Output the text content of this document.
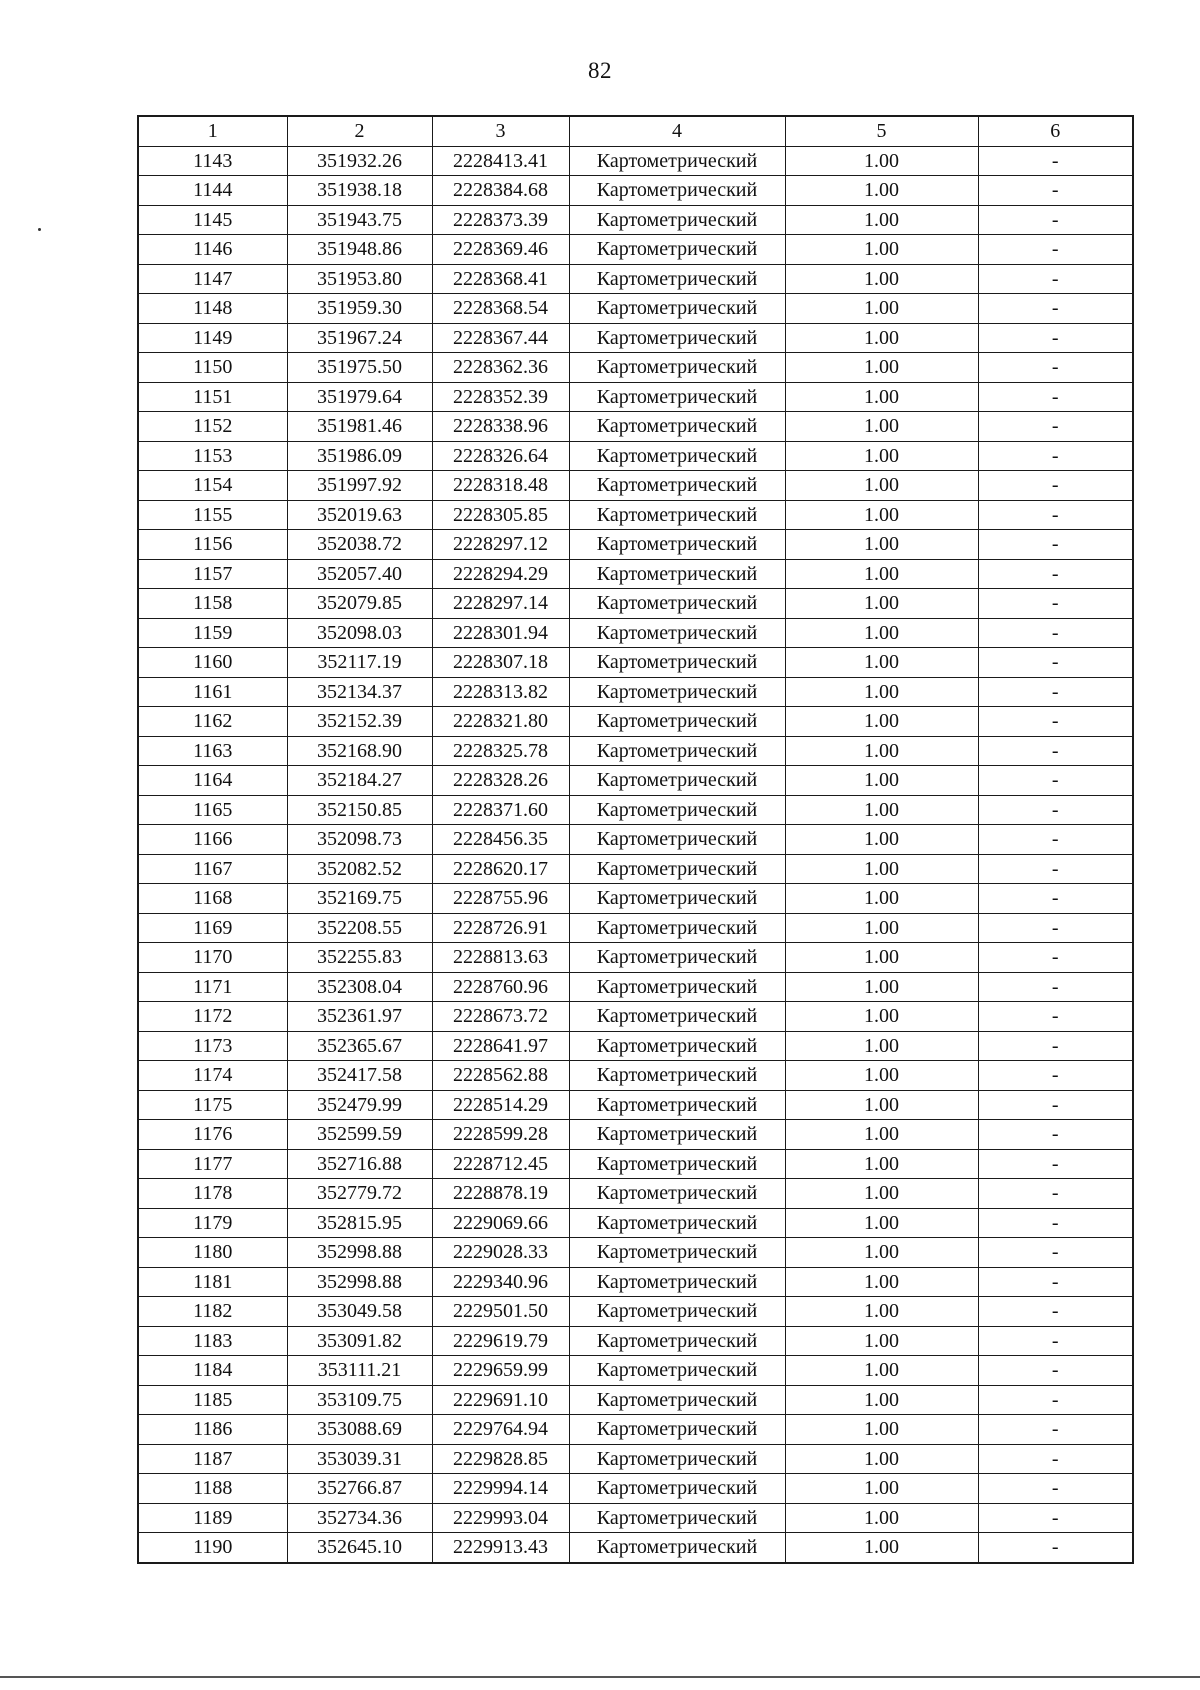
82
1	2	3	4	5	6
1143	351932.26	2228413.41	Картометрический	1.00	-
1144	351938.18	2228384.68	Картометрический	1.00	-
1145	351943.75	2228373.39	Картометрический	1.00	-
1146	351948.86	2228369.46	Картометрический	1.00	-
1147	351953.80	2228368.41	Картометрический	1.00	-
1148	351959.30	2228368.54	Картометрический	1.00	-
1149	351967.24	2228367.44	Картометрический	1.00	-
1150	351975.50	2228362.36	Картометрический	1.00	-
1151	351979.64	2228352.39	Картометрический	1.00	-
1152	351981.46	2228338.96	Картометрический	1.00	-
1153	351986.09	2228326.64	Картометрический	1.00	-
1154	351997.92	2228318.48	Картометрический	1.00	-
1155	352019.63	2228305.85	Картометрический	1.00	-
1156	352038.72	2228297.12	Картометрический	1.00	-
1157	352057.40	2228294.29	Картометрический	1.00	-
1158	352079.85	2228297.14	Картометрический	1.00	-
1159	352098.03	2228301.94	Картометрический	1.00	-
1160	352117.19	2228307.18	Картометрический	1.00	-
1161	352134.37	2228313.82	Картометрический	1.00	-
1162	352152.39	2228321.80	Картометрический	1.00	-
1163	352168.90	2228325.78	Картометрический	1.00	-
1164	352184.27	2228328.26	Картометрический	1.00	-
1165	352150.85	2228371.60	Картометрический	1.00	-
1166	352098.73	2228456.35	Картометрический	1.00	-
1167	352082.52	2228620.17	Картометрический	1.00	-
1168	352169.75	2228755.96	Картометрический	1.00	-
1169	352208.55	2228726.91	Картометрический	1.00	-
1170	352255.83	2228813.63	Картометрический	1.00	-
1171	352308.04	2228760.96	Картометрический	1.00	-
1172	352361.97	2228673.72	Картометрический	1.00	-
1173	352365.67	2228641.97	Картометрический	1.00	-
1174	352417.58	2228562.88	Картометрический	1.00	-
1175	352479.99	2228514.29	Картометрический	1.00	-
1176	352599.59	2228599.28	Картометрический	1.00	-
1177	352716.88	2228712.45	Картометрический	1.00	-
1178	352779.72	2228878.19	Картометрический	1.00	-
1179	352815.95	2229069.66	Картометрический	1.00	-
1180	352998.88	2229028.33	Картометрический	1.00	-
1181	352998.88	2229340.96	Картометрический	1.00	-
1182	353049.58	2229501.50	Картометрический	1.00	-
1183	353091.82	2229619.79	Картометрический	1.00	-
1184	353111.21	2229659.99	Картометрический	1.00	-
1185	353109.75	2229691.10	Картометрический	1.00	-
1186	353088.69	2229764.94	Картометрический	1.00	-
1187	353039.31	2229828.85	Картометрический	1.00	-
1188	352766.87	2229994.14	Картометрический	1.00	-
1189	352734.36	2229993.04	Картометрический	1.00	-
1190	352645.10	2229913.43	Картометрический	1.00	-
